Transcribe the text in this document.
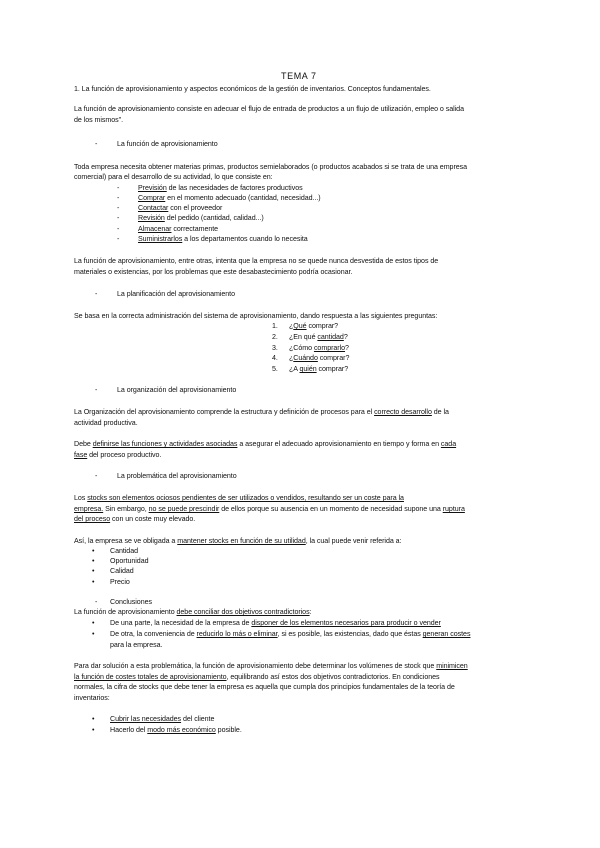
TEMA 7
1. La función de aprovisionamiento y aspectos económicos de la gestión de inventarios. Conceptos fundamentales.
La función de aprovisionamiento consiste en adecuar el flujo de entrada de productos a un flujo de utilización, empleo o salida
de los mismos".
-	La función de aprovisionamiento
Toda empresa necesita obtener materias primas, productos semielaborados (o productos acabados si se trata de una empresa
comercial) para el desarrollo de su actividad, lo que consiste en:
-	Previsión de las necesidades de factores productivos
-	Comprar en el momento adecuado (cantidad, necesidad...)
-	Contactar con el proveedor
-	Revisión del pedido (cantidad, calidad...)
-	Almacenar correctamente
-	Suministrarlos a los departamentos cuando lo necesita
La función de aprovisionamiento, entre otras, intenta que la empresa no se quede nunca desvestida de estos tipos de
materiales o existencias, por los problemas que este desabastecimiento podría ocasionar.
-	La planificación del aprovisionamiento
Se basa en la correcta administración del sistema de aprovisionamiento, dando respuesta a las siguientes preguntas:
1. ¿Qué comprar?
2. ¿En qué cantidad?
3. ¿Cómo comprarlo?
4. ¿Cuándo comprar?
5. ¿A quién comprar?
-	La organización del aprovisionamiento
La Organización del aprovisionamiento comprende la estructura y definición de procesos para el correcto desarrollo de la
actividad productiva.
Debe definirse las funciones y actividades asociadas a asegurar el adecuado aprovisionamiento en tiempo y forma en cada
fase del proceso productivo.
-	La problemática del aprovisionamiento
Los stocks son elementos ociosos pendientes de ser utilizados o vendidos, resultando ser un coste para la
empresa. Sin embargo, no se puede prescindir de ellos porque su ausencia en un momento de necesidad supone una ruptura
del proceso con un coste muy elevado.
Así, la empresa se ve obligada a mantener stocks en función de su utilidad, la cual puede venir referida a:
• Cantidad
• Oportunidad
• Calidad
• Precio
- Conclusiones
La función de aprovisionamiento debe conciliar dos objetivos contradictorios:
• De una parte, la necesidad de la empresa de disponer de los elementos necesarios para producir o vender
• De otra, la conveniencia de reducirlo lo más o eliminar, si es posible, las existencias, dado que éstas generan costes
para la empresa.
Para dar solución a esta problemática, la función de aprovisionamiento debe determinar los volúmenes de stock que minimicen
la función de costes totales de aprovisionamiento, equilibrando así estos dos objetivos contradictorios. En condiciones
normales, la cifra de stocks que debe tener la empresa es aquella que cumpla dos principios fundamentales de la teoría de
inventarios:
• Cubrir las necesidades del cliente
• Hacerlo del modo más económico posible.
